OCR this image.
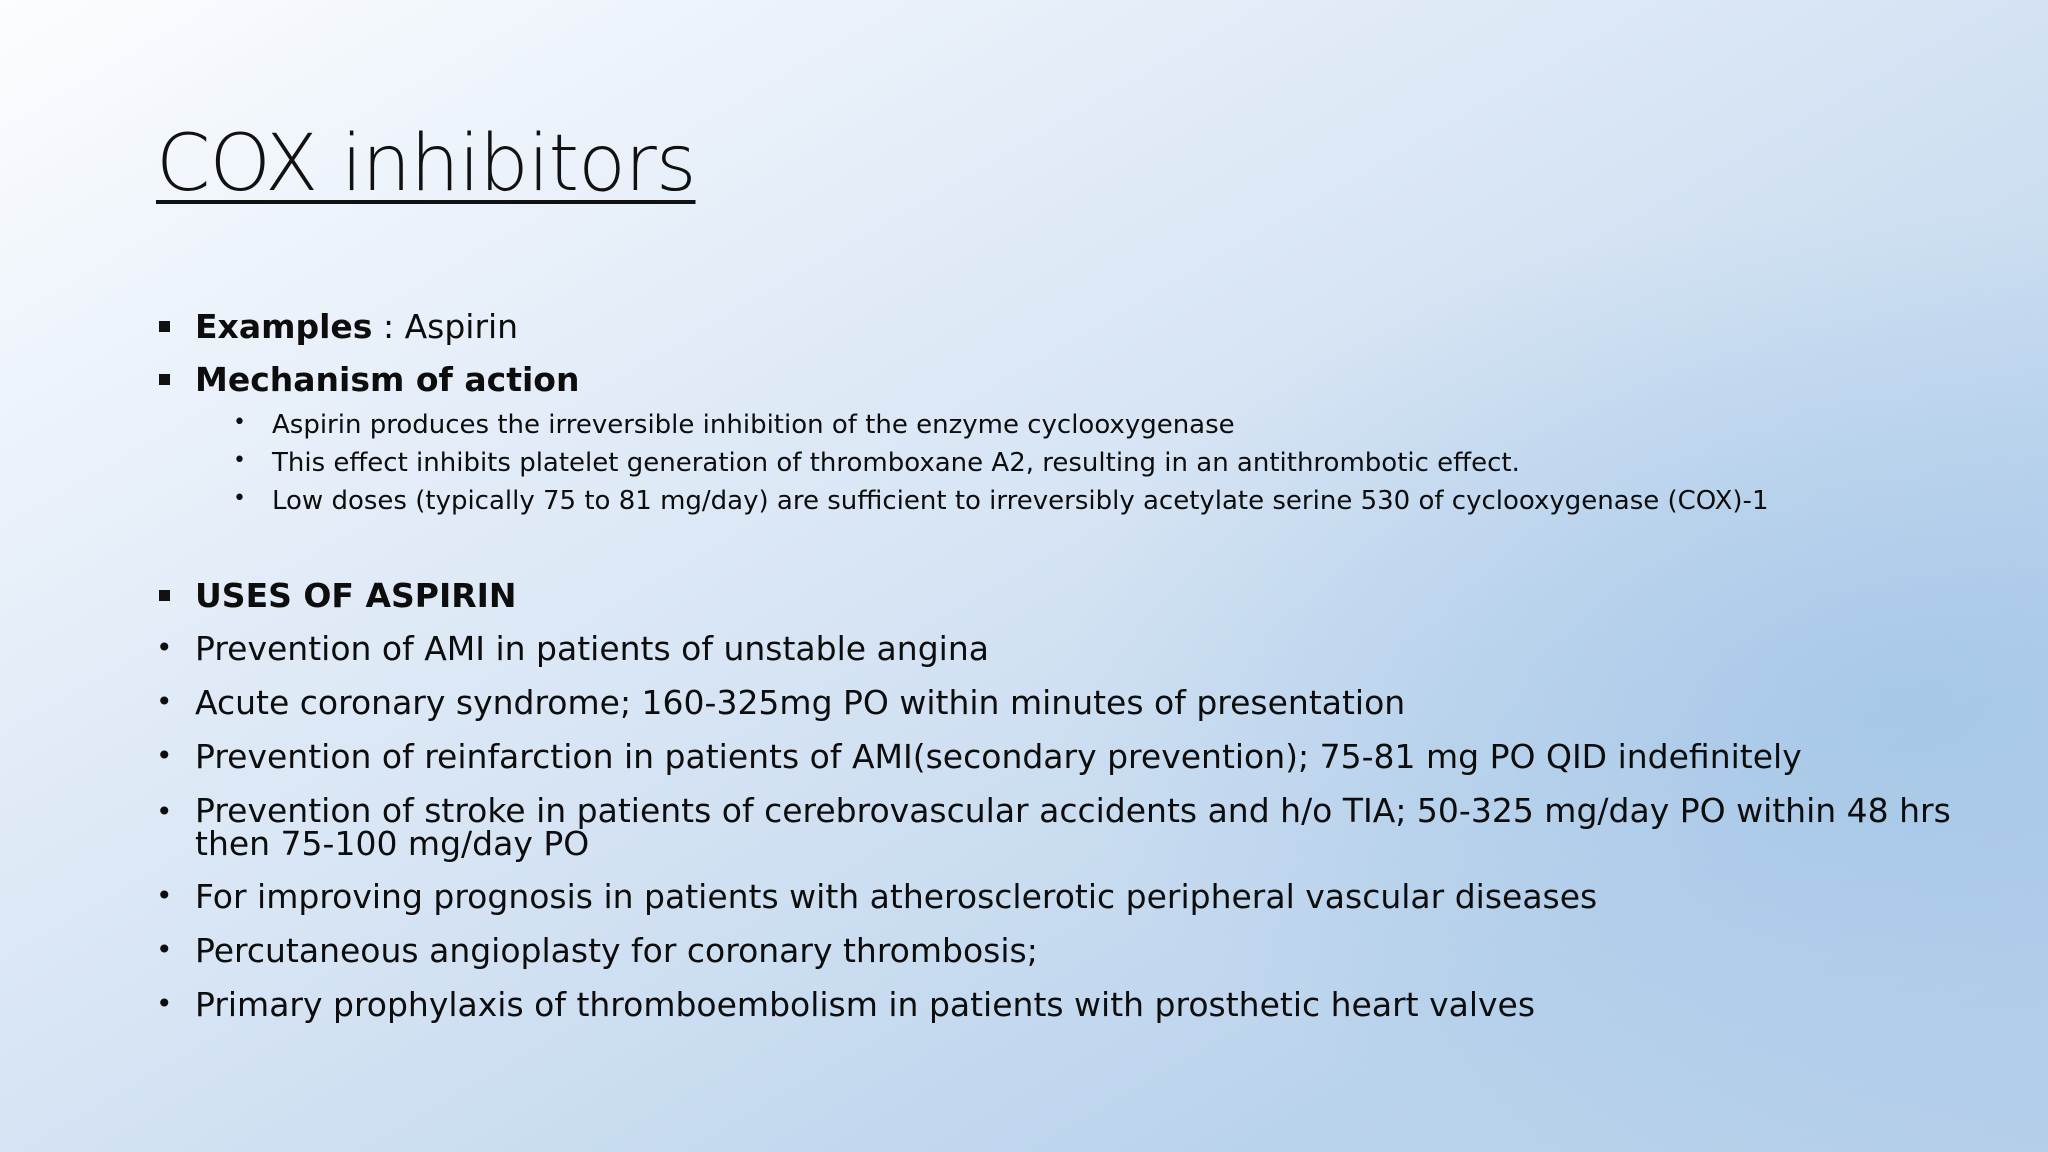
COX inhibitors
Examples : Aspirin
Mechanism of action
• Aspirin produces the irreversible inhibition of the enzyme cyclooxygenase
• This effect inhibits platelet generation of thromboxane A2, resulting in an antithrombotic effect.
• Low doses (typically 75 to 81 mg/day) are sufficient to irreversibly acetylate serine 530 of cyclooxygenase (COX)-1
USES OF ASPIRIN
• Prevention of AMI in patients of unstable angina
• Acute coronary syndrome; 160-325mg PO within minutes of presentation
• Prevention of reinfarction in patients of AMI(secondary prevention); 75-81 mg PO QID indefinitely
• Prevention of stroke in patients of cerebrovascular accidents and h/o TIA; 50-325 mg/day PO within 48 hrs then 75-100 mg/day PO
• For improving prognosis in patients with atherosclerotic peripheral vascular diseases
• Percutaneous angioplasty for coronary thrombosis;
• Primary prophylaxis of thromboembolism in patients with prosthetic heart valves
